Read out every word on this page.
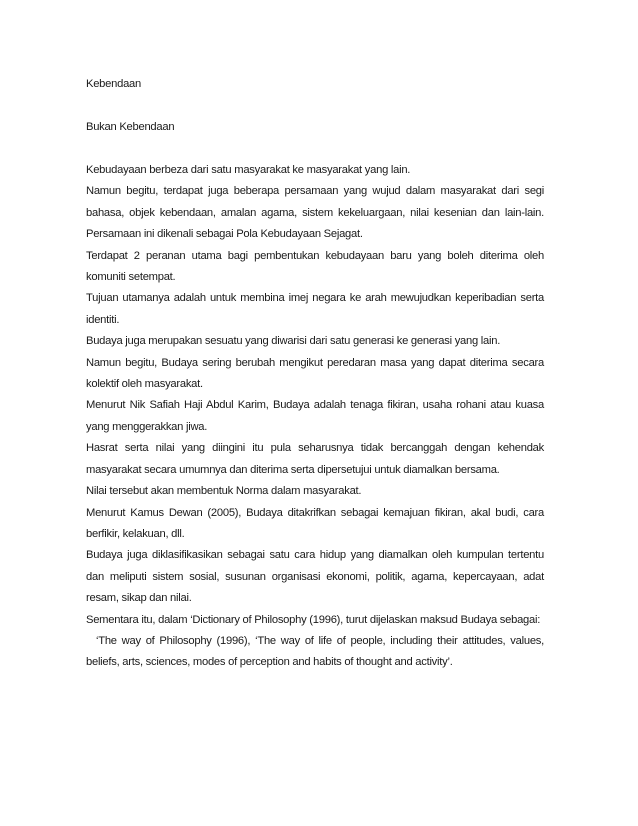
Kebendaan

Bukan Kebendaan

Kebudayaan berbeza dari satu masyarakat ke masyarakat yang lain.

Namun begitu, terdapat juga beberapa persamaan yang wujud dalam masyarakat dari segi bahasa, objek kebendaan, amalan agama, sistem kekeluargaan, nilai kesenian dan lain-lain. Persamaan ini dikenali sebagai Pola Kebudayaan Sejagat.

Terdapat 2 peranan utama bagi pembentukan kebudayaan baru yang boleh diterima oleh komuniti setempat.

Tujuan utamanya adalah untuk membina imej negara ke arah mewujudkan keperibadian serta identiti.

Budaya juga merupakan sesuatu yang diwarisi dari satu generasi ke generasi yang lain.

Namun begitu, Budaya sering berubah mengikut peredaran masa yang dapat diterima secara kolektif oleh masyarakat.

Menurut Nik Safiah Haji Abdul Karim, Budaya adalah tenaga fikiran, usaha rohani atau kuasa yang menggerakkan jiwa.

Hasrat serta nilai yang diingini itu pula seharusnya tidak bercanggah dengan kehendak masyarakat secara umumnya dan diterima serta dipersetujui untuk diamalkan bersama.

Nilai tersebut akan membentuk Norma dalam masyarakat.

Menurut Kamus Dewan (2005), Budaya ditakrifkan sebagai kemajuan fikiran, akal budi, cara berfikir, kelakuan, dll.

Budaya juga diklasifikasikan sebagai satu cara hidup yang diamalkan oleh kumpulan tertentu dan meliputi sistem sosial, susunan organisasi ekonomi, politik, agama, kepercayaan, adat resam, sikap dan nilai.

Sementara itu, dalam ‘Dictionary of Philosophy (1996), turut dijelaskan maksud Budaya sebagai:

‘The way of Philosophy (1996), ‘The way of life of people, including their attitudes, values, beliefs, arts, sciences, modes of perception and habits of thought and activity’.
